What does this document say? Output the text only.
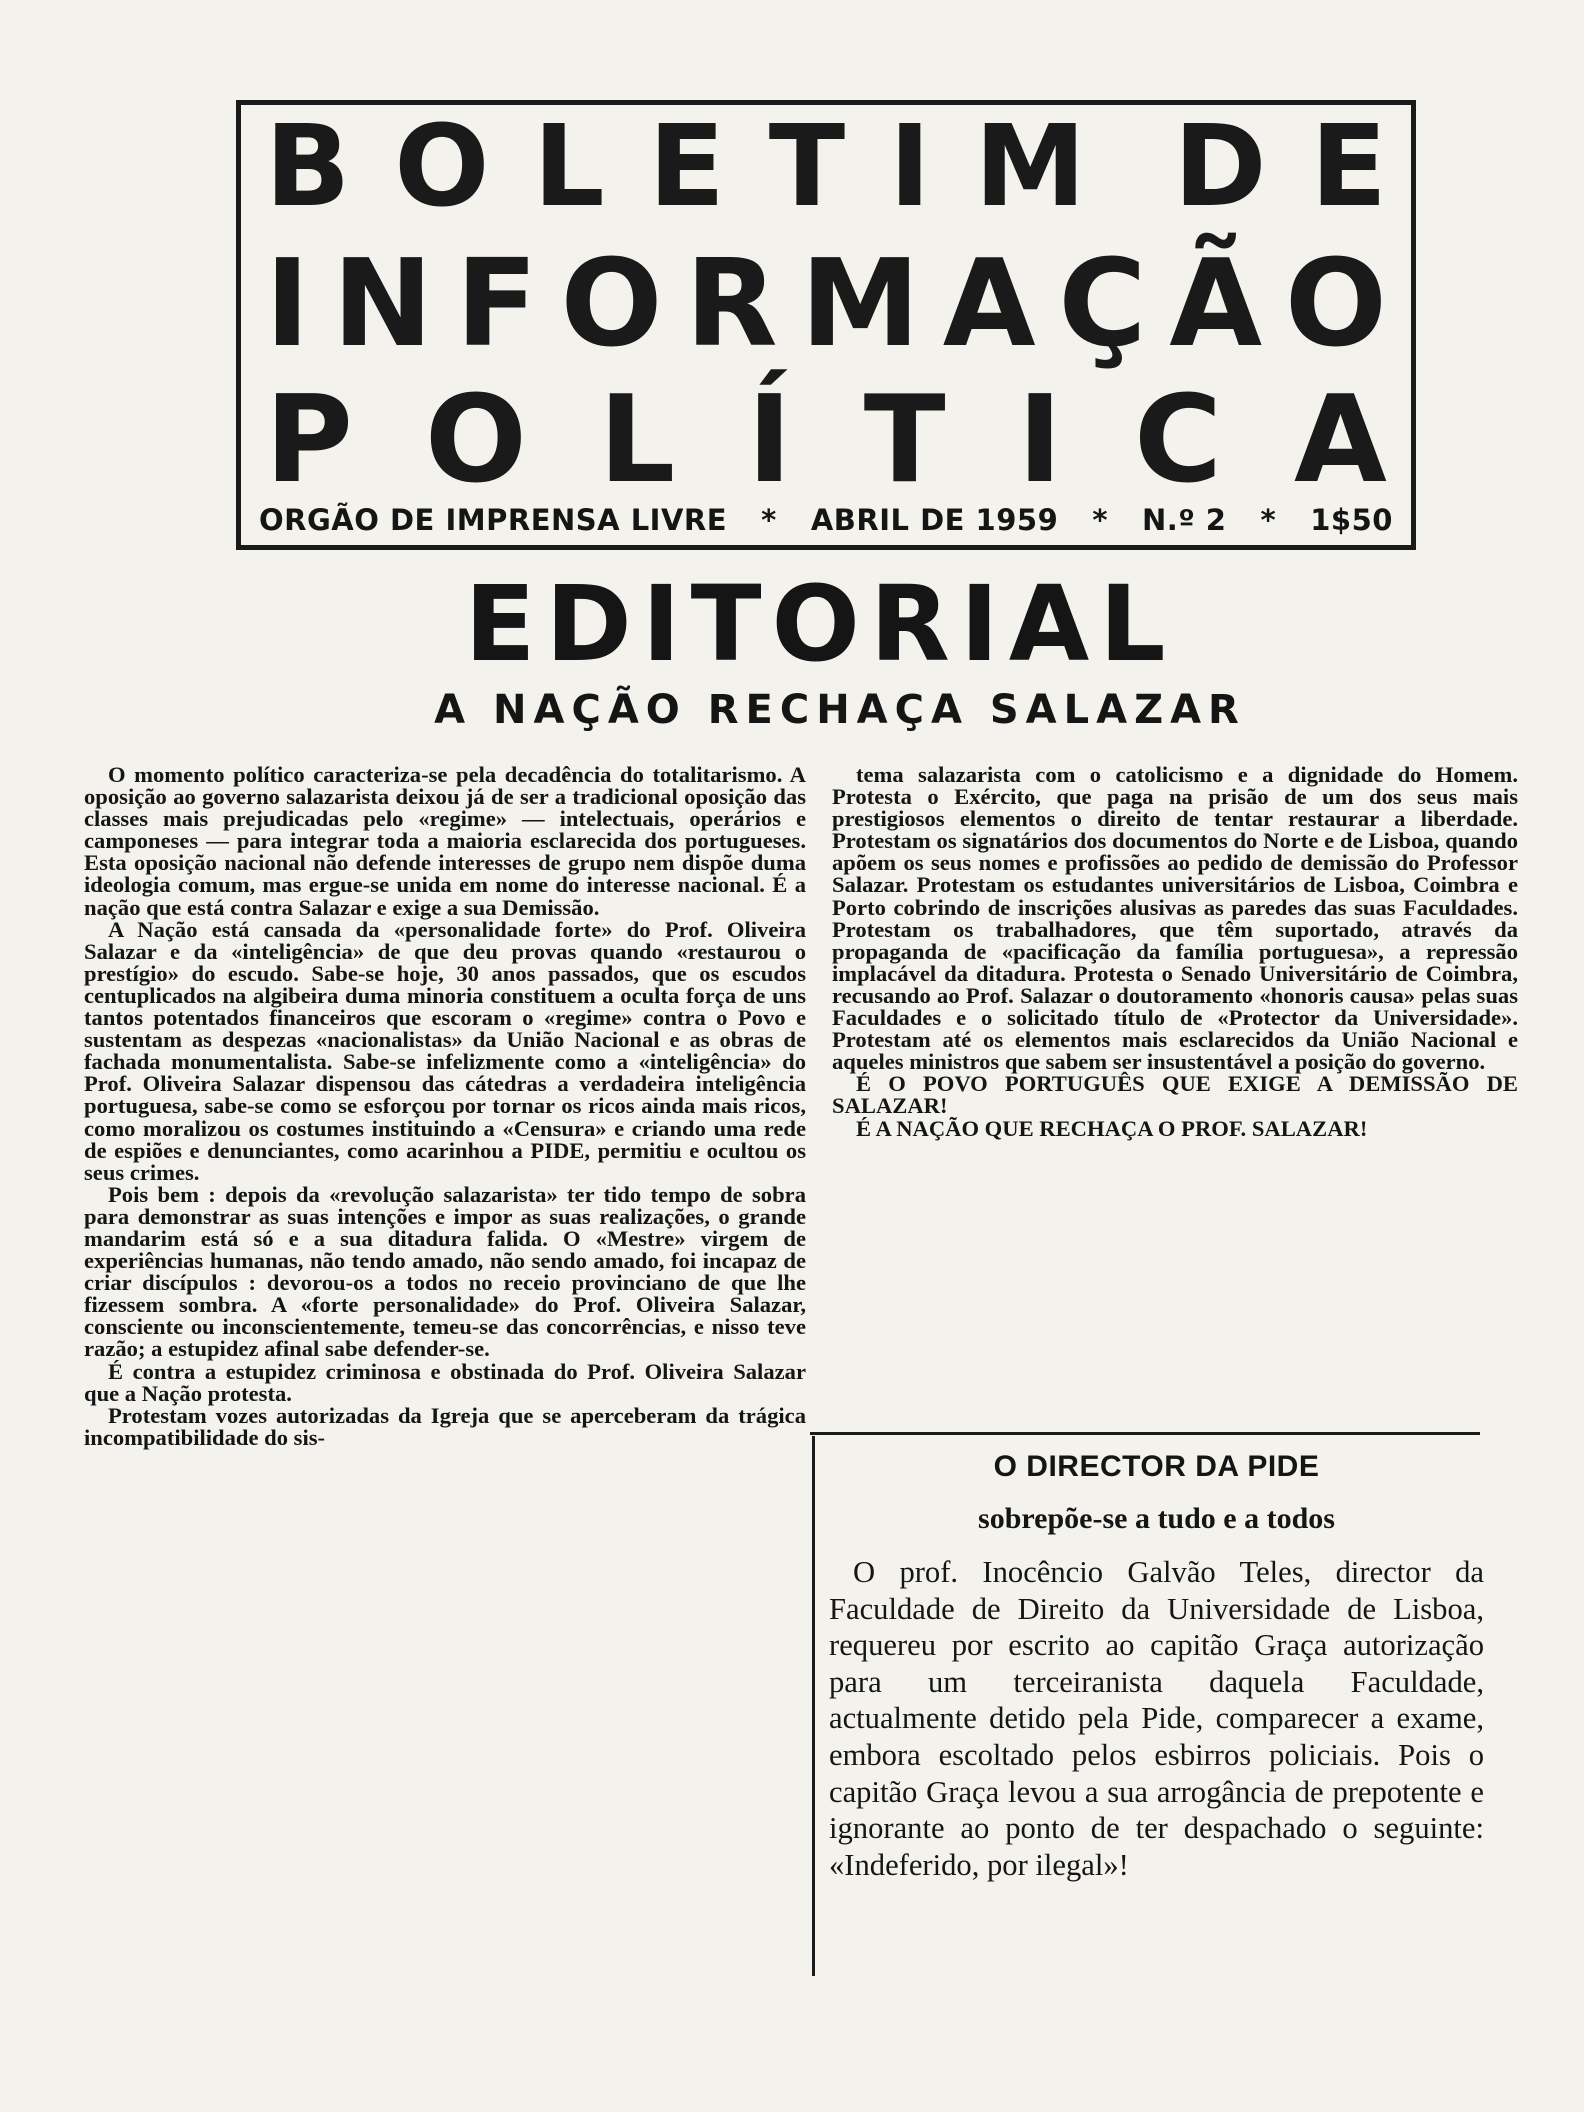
B O L E T I M D E
I N F O R M A Ç Ã O
P O L Í T I C A
ORGÃO DE IMPRENSA LIVRE * ABRIL DE 1959 * N.º 2 * 1$50
EDITORIAL
A NAÇÃO RECHAÇA SALAZAR

O momento político caracteriza-se pela decadência do totalitarismo. A oposição ao governo salazarista deixou já de ser a tradicional oposição das classes mais prejudicadas pelo «regime» — intelectuais, operários e camponeses — para integrar toda a maioria esclarecida dos portugueses. Esta oposição nacional não defende interesses de grupo nem dispõe duma ideologia comum, mas ergue-se unida em nome do interesse nacional. É a nação que está contra Salazar e exige a sua Demissão.

A Nação está cansada da «personalidade forte» do Prof. Oliveira Salazar e da «inteligência» de que deu provas quando «restaurou o prestígio» do escudo. Sabe-se hoje, 30 anos passados, que os escudos centuplicados na algibeira duma minoria constituem a oculta força de uns tantos potentados financeiros que escoram o «regime» contra o Povo e sustentam as despezas «nacionalistas» da União Nacional e as obras de fachada monumentalista. Sabe-se infelizmente como a «inteligência» do Prof. Oliveira Salazar dispensou das cátedras a verdadeira inteligência portuguesa, sabe-se como se esforçou por tornar os ricos ainda mais ricos, como moralizou os costumes instituindo a «Censura» e criando uma rede de espiões e denunciantes, como acarinhou a PIDE, permitiu e ocultou os seus crimes.

Pois bem : depois da «revolução salazarista» ter tido tempo de sobra para demonstrar as suas intenções e impor as suas realizações, o grande mandarim está só e a sua ditadura falida. O «Mestre» virgem de experiências humanas, não tendo amado, não sendo amado, foi incapaz de criar discípulos : devorou-os a todos no receio provinciano de que lhe fizessem sombra. A «forte personalidade» do Prof. Oliveira Salazar, consciente ou inconscientemente, temeu-se das concorrências, e nisso teve razão; a estupidez afinal sabe defender-se.

É contra a estupidez criminosa e obstinada do Prof. Oliveira Salazar que a Nação protesta.

Protestam vozes autorizadas da Igreja que se aperceberam da trágica incompatibilidade do sis-

tema salazarista com o catolicismo e a dignidade do Homem. Protesta o Exército, que paga na prisão de um dos seus mais prestigiosos elementos o direito de tentar restaurar a liberdade. Protestam os signatários dos documentos do Norte e de Lisboa, quando apõem os seus nomes e profissões ao pedido de demissão do Professor Salazar. Protestam os estudantes universitários de Lisboa, Coimbra e Porto cobrindo de inscrições alusivas as paredes das suas Faculdades. Protestam os trabalhadores, que têm suportado, através da propaganda de «pacificação da família portuguesa», a repressão implacável da ditadura. Protesta o Senado Universitário de Coimbra, recusando ao Prof. Salazar o doutoramento «honoris causa» pelas suas Faculdades e o solicitado título de «Protector da Universidade». Protestam até os elementos mais esclarecidos da União Nacional e aqueles ministros que sabem ser insustentável a posição do governo.

É O POVO PORTUGUÊS QUE EXIGE A DEMISSÃO DE SALAZAR!

É A NAÇÃO QUE RECHAÇA O PROF. SALAZAR!

O DIRECTOR DA PIDE
sobrepõe-se a tudo e a todos

O prof. Inocêncio Galvão Teles, director da Faculdade de Direito da Universidade de Lisboa, requereu por escrito ao capitão Graça autorização para um terceiranista daquela Faculdade, actualmente detido pela Pide, comparecer a exame, embora escoltado pelos esbirros policiais. Pois o capitão Graça levou a sua arrogância de prepotente e ignorante ao ponto de ter despachado o seguinte: «Indeferido, por ilegal»!
